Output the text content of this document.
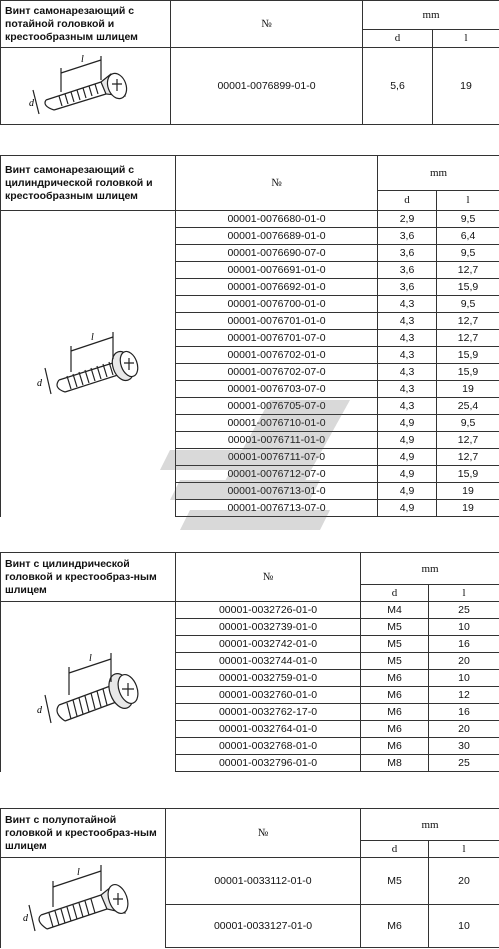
Винт самонарезающий с потайной головкой и крестообразным шлицем	№	mm	
		d	l

d
l	00001-0076899-01-0	5,6	19
Винт самонарезающий с цилиндрической головкой и крестообразным шлицем	№	mm	
		d	l

d
l	00001-0076680-01-0	2,9	9,5
	00001-0076689-01-0	3,6	6,4
	00001-0076690-07-0	3,6	9,5
	00001-0076691-01-0	3,6	12,7
	00001-0076692-01-0	3,6	15,9
	00001-0076700-01-0	4,3	9,5
	00001-0076701-01-0	4,3	12,7
	00001-0076701-07-0	4,3	12,7
	00001-0076702-01-0	4,3	15,9
	00001-0076702-07-0	4,3	15,9
	00001-0076703-07-0	4,3	19
	00001-0076705-07-0	4,3	25,4
	00001-0076710-01-0	4,9	9,5
	00001-0076711-01-0	4,9	12,7
	00001-0076711-07-0	4,9	12,7
	00001-0076712-07-0	4,9	15,9
	00001-0076713-01-0	4,9	19
	00001-0076713-07-0	4,9	19
Винт с цилиндрической головкой и крестообраз-ным шлицем	№	mm	
		d	l

d
l	00001-0032726-01-0	M4	25
	00001-0032739-01-0	M5	10
	00001-0032742-01-0	M5	16
	00001-0032744-01-0	M5	20
	00001-0032759-01-0	M6	10
	00001-0032760-01-0	M6	12
	00001-0032762-17-0	M6	16
	00001-0032764-01-0	M6	20
	00001-0032768-01-0	M6	30
	00001-0032796-01-0	M8	25
Винт с полупотайной головкой и крестообраз-ным шлицем	№	mm	
		d	l

d
l	00001-0033112-01-0	M5	20
	00001-0033127-01-0	M6	10
